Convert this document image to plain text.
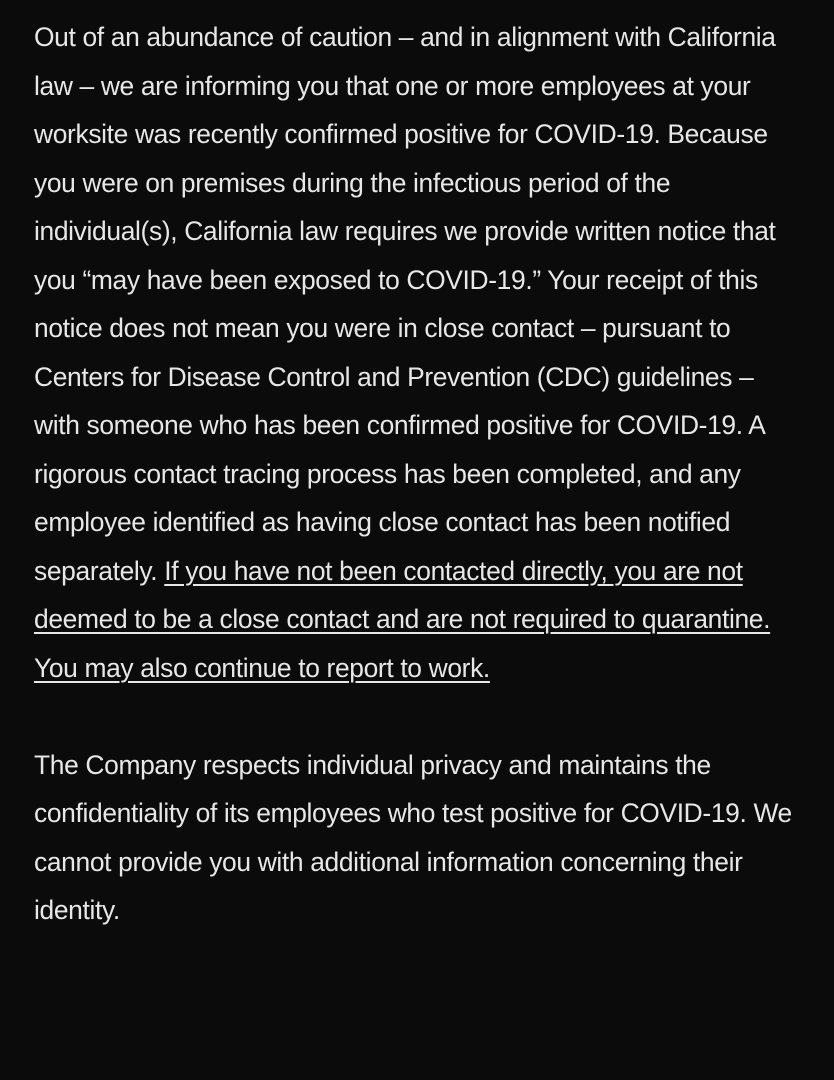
Out of an abundance of caution – and in alignment with California law – we are informing you that one or more employees at your worksite was recently confirmed positive for COVID-19. Because you were on premises during the infectious period of the individual(s), California law requires we provide written notice that you “may have been exposed to COVID-19.” Your receipt of this notice does not mean you were in close contact – pursuant to Centers for Disease Control and Prevention (CDC) guidelines – with someone who has been confirmed positive for COVID-19. A rigorous contact tracing process has been completed, and any employee identified as having close contact has been notified separately. If you have not been contacted directly, you are not deemed to be a close contact and are not required to quarantine. You may also continue to report to work.

The Company respects individual privacy and maintains the confidentiality of its employees who test positive for COVID-19. We cannot provide you with additional information concerning their identity.
